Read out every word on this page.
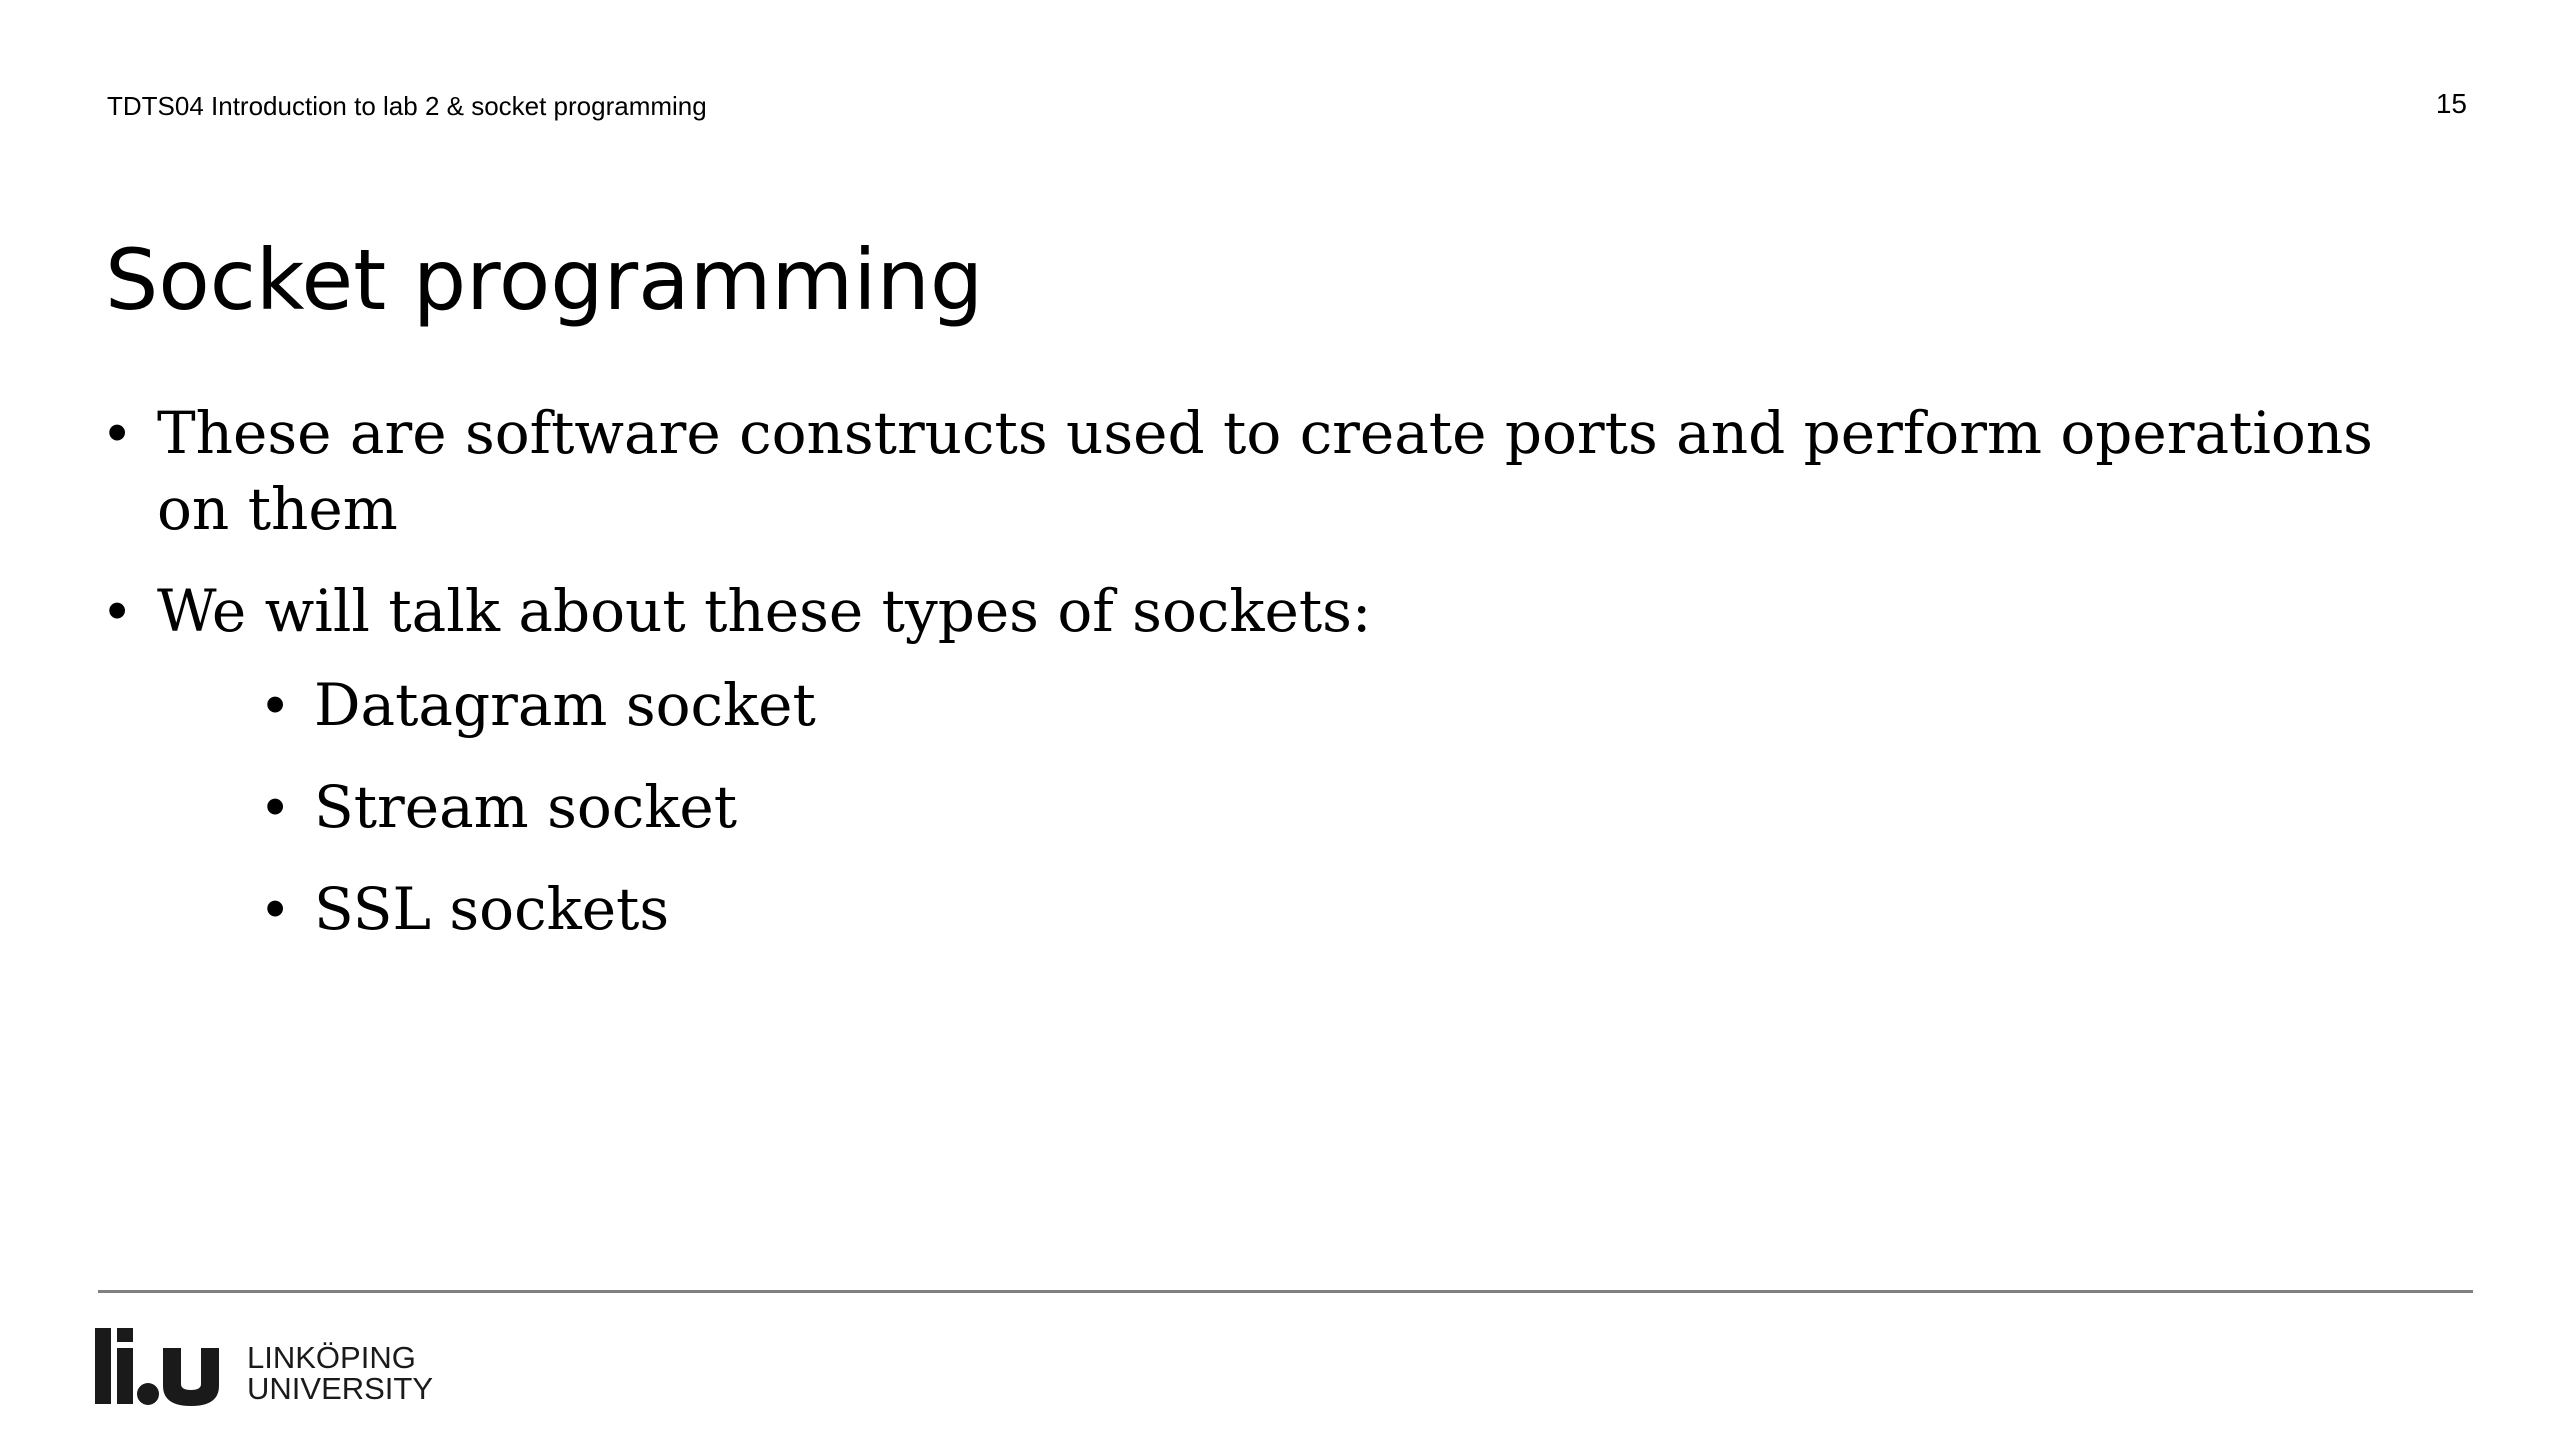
TDTS04 Introduction to lab 2 & socket programming	15
Socket programming
• These are software constructs used to create ports and perform operations on them
• We will talk about these types of sockets:
• Datagram socket
• Stream socket
• SSL sockets
LINKÖPING
UNIVERSITY
